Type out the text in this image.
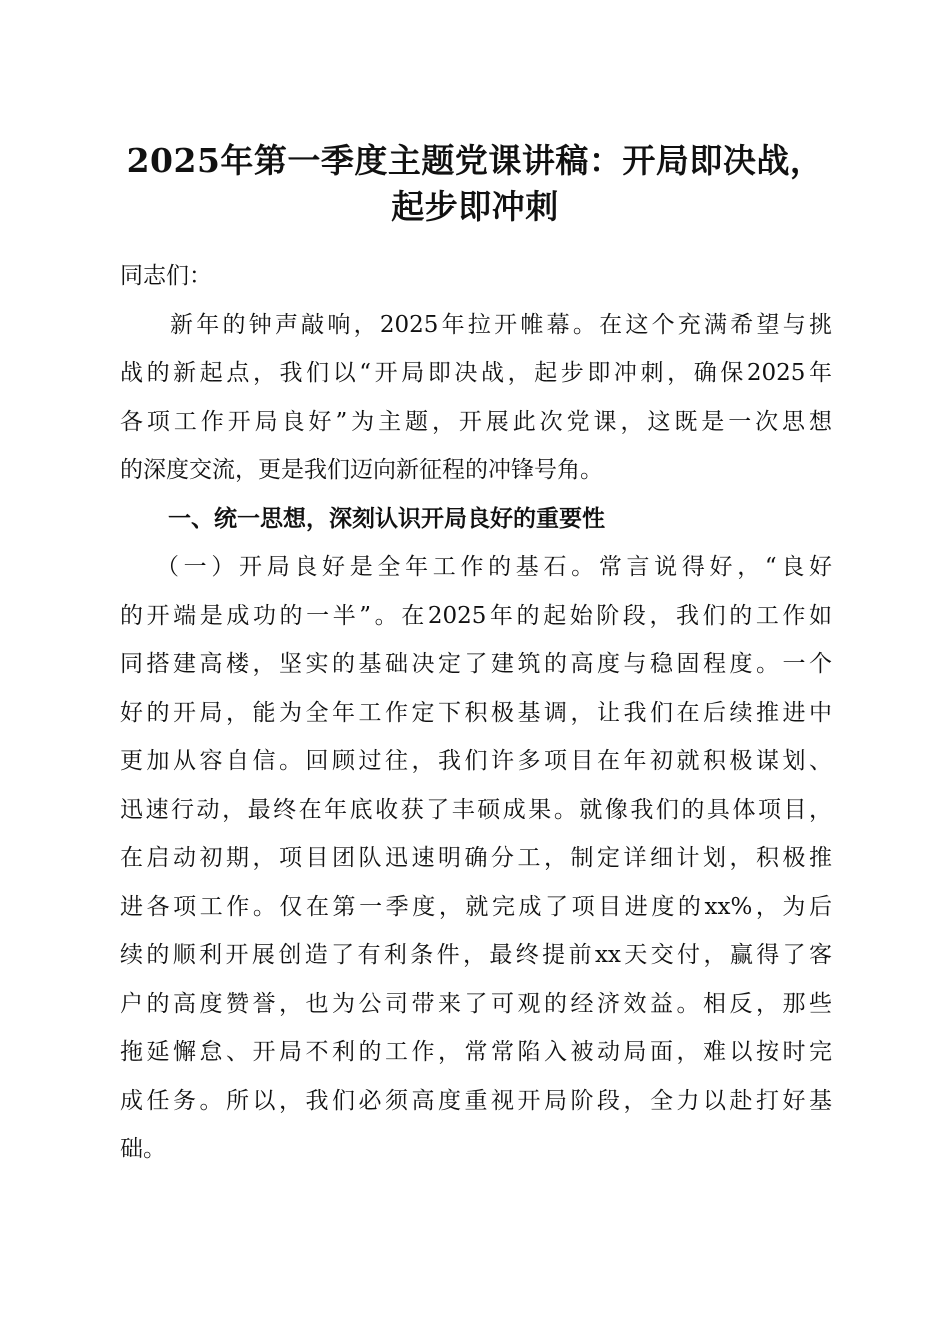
2025年第一季度主题党课讲稿：开局即决战，
起步即冲刺
同志们：
新年的钟声敲响，2025年拉开帷幕。在这个充满希望与挑
战的新起点，我们以“开局即决战，起步即冲刺，确保2025年
各项工作开局良好”为主题，开展此次党课，这既是一次思想
的深度交流，更是我们迈向新征程的冲锋号角。
一、统一思想，深刻认识开局良好的重要性
（一）开局良好是全年工作的基石。常言说得好，“良好
的开端是成功的一半”。在2025年的起始阶段，我们的工作如
同搭建高楼，坚实的基础决定了建筑的高度与稳固程度。一个
好的开局，能为全年工作定下积极基调，让我们在后续推进中
更加从容自信。回顾过往，我们许多项目在年初就积极谋划、
迅速行动，最终在年底收获了丰硕成果。就像我们的具体项目，
在启动初期，项目团队迅速明确分工，制定详细计划，积极推
进各项工作。仅在第一季度，就完成了项目进度的xx%，为后
续的顺利开展创造了有利条件，最终提前xx天交付，赢得了客
户的高度赞誉，也为公司带来了可观的经济效益。相反，那些
拖延懈怠、开局不利的工作，常常陷入被动局面，难以按时完
成任务。所以，我们必须高度重视开局阶段，全力以赴打好基
础。
